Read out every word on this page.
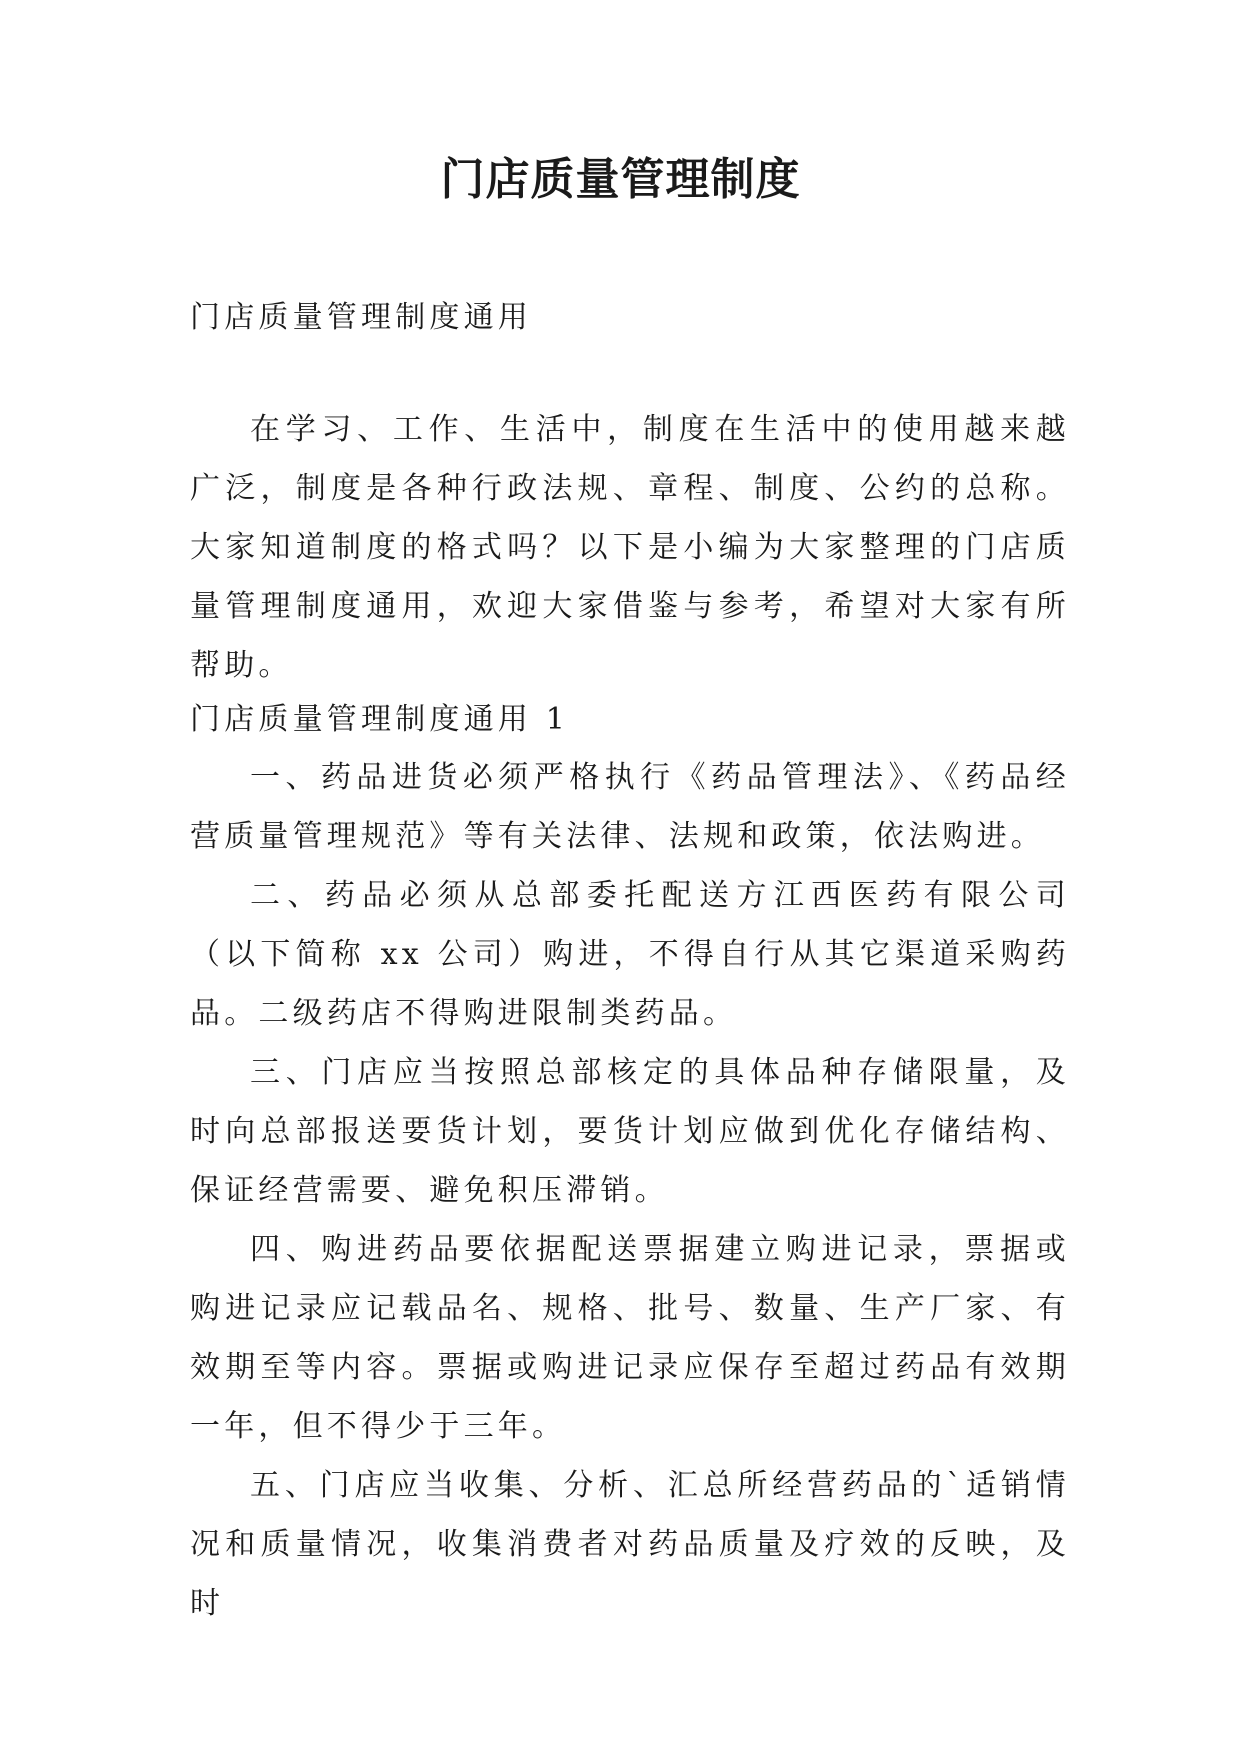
门店质量管理制度
门店质量管理制度通用

在学习、工作、生活中，制度在生活中的使用越来越广泛，制度是各种行政法规、章程、制度、公约的总称。大家知道制度的格式吗？以下是小编为大家整理的门店质量管理制度通用，欢迎大家借鉴与参考，希望对大家有所帮助。

门店质量管理制度通用 1

一、药品进货必须严格执行《药品管理法》、《药品经营质量管理规范》等有关法律、法规和政策，依法购进。

二、药品必须从总部委托配送方江西医药有限公司（以下简称 xx 公司）购进，不得自行从其它渠道采购药品。二级药店不得购进限制类药品。

三、门店应当按照总部核定的具体品种存储限量，及时向总部报送要货计划，要货计划应做到优化存储结构、保证经营需要、避免积压滞销。

四、购进药品要依据配送票据建立购进记录，票据或购进记录应记载品名、规格、批号、数量、生产厂家、有效期至等内容。票据或购进记录应保存至超过药品有效期一年，但不得少于三年。

五、门店应当收集、分析、汇总所经营药品的`适销情况和质量情况，收集消费者对药品质量及疗效的反映，及时
